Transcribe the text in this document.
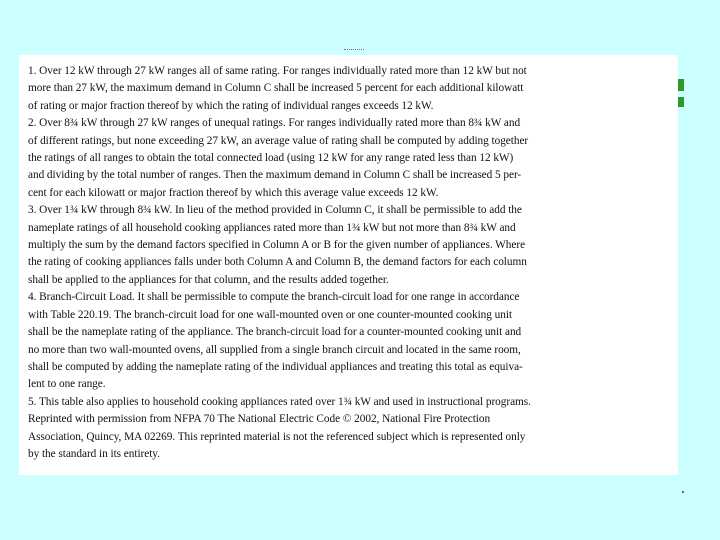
1. Over 12 kW through 27 kW ranges all of same rating. For ranges individually rated more than 12 kW but not
more than 27 kW, the maximum demand in Column C shall be increased 5 percent for each additional kilowatt
of rating or major fraction thereof by which the rating of individual ranges exceeds 12 kW.
2. Over 8¾ kW through 27 kW ranges of unequal ratings. For ranges individually rated more than 8¾ kW and
of different ratings, but none exceeding 27 kW, an average value of rating shall be computed by adding together
the ratings of all ranges to obtain the total connected load (using 12 kW for any range rated less than 12 kW)
and dividing by the total number of ranges. Then the maximum demand in Column C shall be increased 5 per-
cent for each kilowatt or major fraction thereof by which this average value exceeds 12 kW.
3. Over 1¾ kW through 8¾ kW. In lieu of the method provided in Column C, it shall be permissible to add the
nameplate ratings of all household cooking appliances rated more than 1¾ kW but not more than 8¾ kW and
multiply the sum by the demand factors specified in Column A or B for the given number of appliances. Where
the rating of cooking appliances falls under both Column A and Column B, the demand factors for each column
shall be applied to the appliances for that column, and the results added together.
4. Branch-Circuit Load. It shall be permissible to compute the branch-circuit load for one range in accordance
with Table 220.19. The branch-circuit load for one wall-mounted oven or one counter-mounted cooking unit
shall be the nameplate rating of the appliance. The branch-circuit load for a counter-mounted cooking unit and
no more than two wall-mounted ovens, all supplied from a single branch circuit and located in the same room,
shall be computed by adding the nameplate rating of the individual appliances and treating this total as equiva-
lent to one range.
5. This table also applies to household cooking appliances rated over 1¾ kW and used in instructional programs.
Reprinted with permission from NFPA 70 The National Electric Code © 2002, National Fire Protection
Association, Quincy, MA 02269. This reprinted material is not the referenced subject which is represented only
by the standard in its entirety.
